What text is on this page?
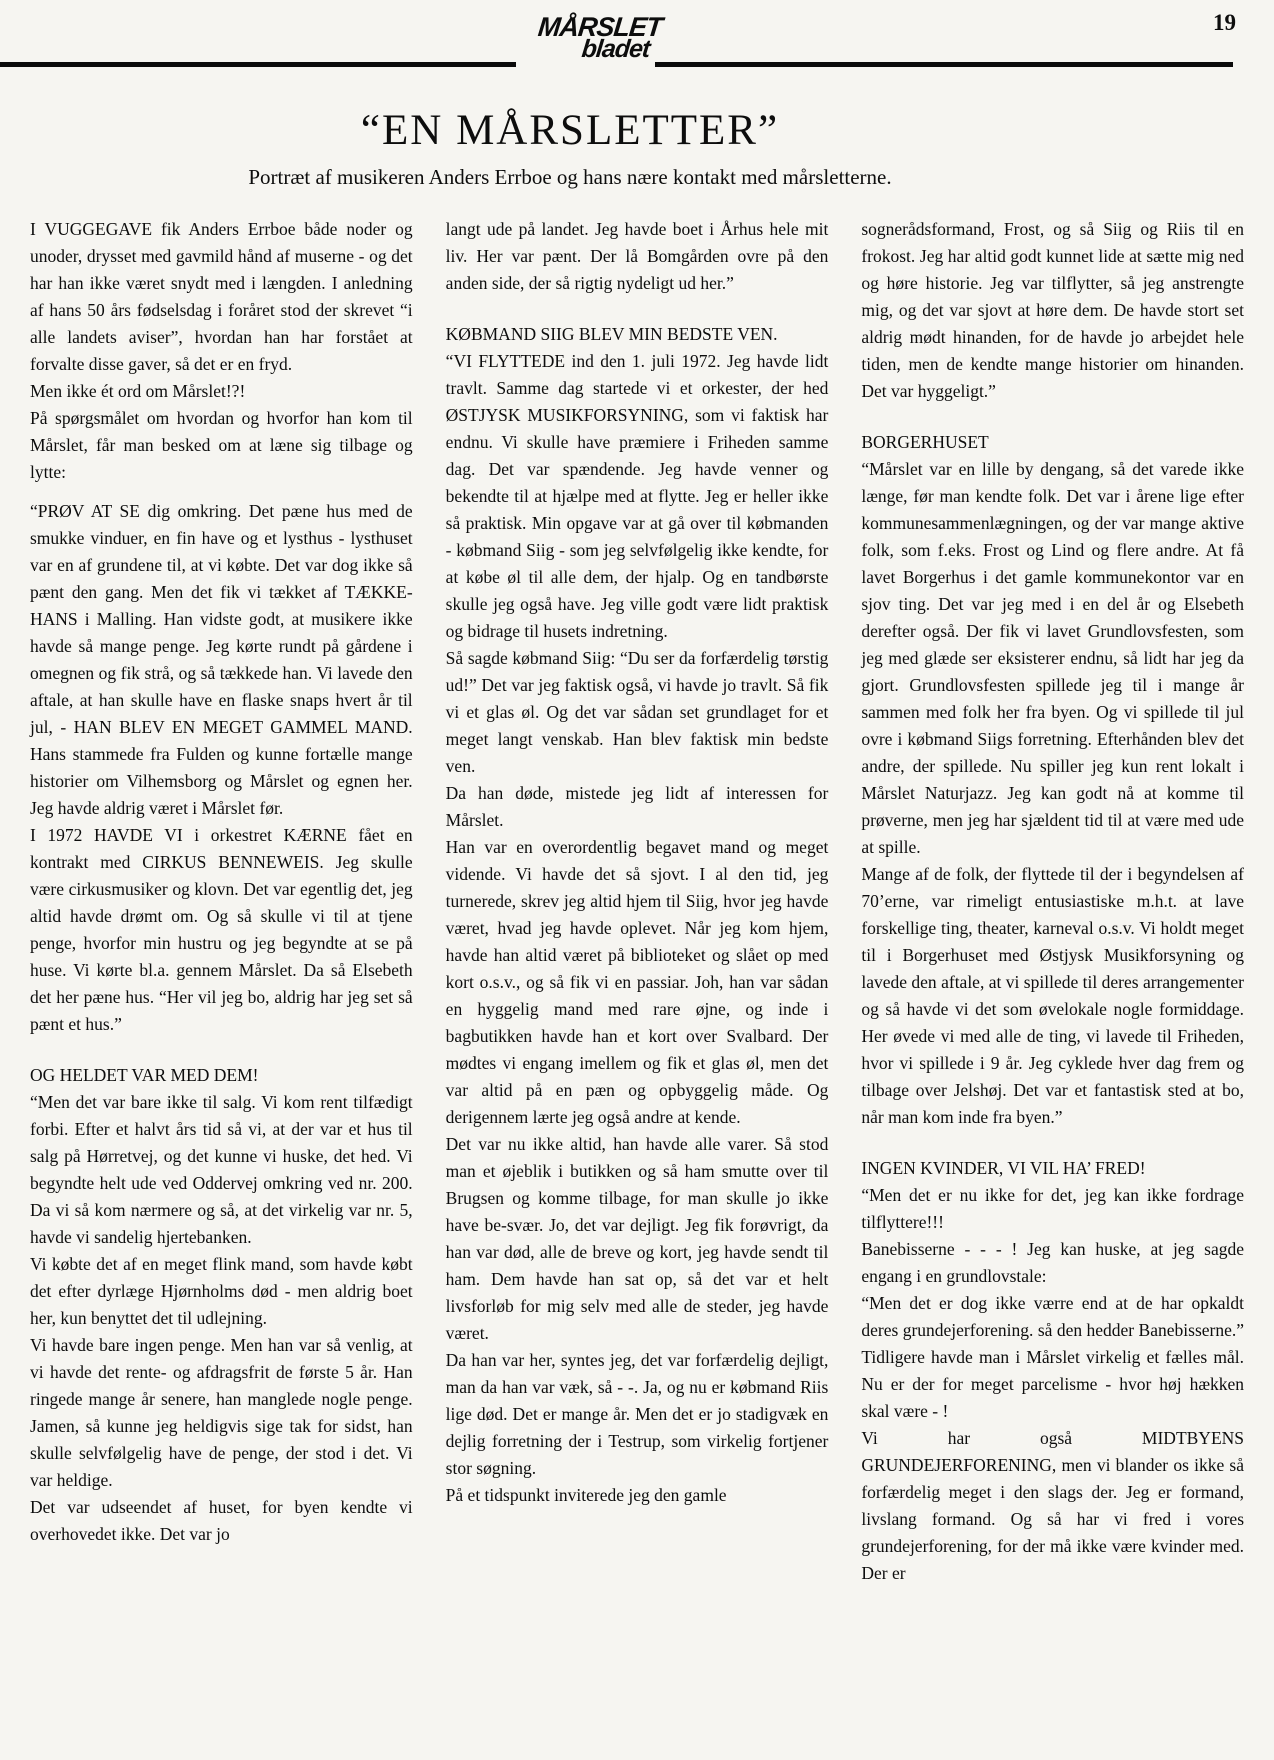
MÅRSLET
bladet
19
“EN MÅRSLETTER”

Portræt af musikeren Anders Errboe og hans nære kontakt med mårsletterne.

I VUGGEGAVE fik Anders Errboe både noder og unoder, drysset med gavmild hånd af muserne - og det har han ikke været snydt med i længden. I anledning af hans 50 års fødselsdag i foråret stod der skrevet “i alle landets aviser”, hvordan han har forstået at forvalte disse gaver, så det er en fryd.

Men ikke ét ord om Mårslet!?!

På spørgsmålet om hvordan og hvorfor han kom til Mårslet, får man besked om at læne sig tilbage og lytte:

“PRØV AT SE dig omkring. Det pæne hus med de smukke vinduer, en fin have og et lysthus - lysthuset var en af grundene til, at vi købte. Det var dog ikke så pænt den gang. Men det fik vi tækket af TÆKKE-HANS i Malling. Han vidste godt, at musikere ikke havde så mange penge. Jeg kørte rundt på gårdene i omegnen og fik strå, og så tækkede han. Vi lavede den aftale, at han skulle have en flaske snaps hvert år til jul, - HAN BLEV EN MEGET GAMMEL MAND. Hans stammede fra Fulden og kunne fortælle mange historier om Vilhemsborg og Mårslet og egnen her. Jeg havde aldrig været i Mårslet før.

I 1972 HAVDE VI i orkestret KÆRNE fået en kontrakt med CIRKUS BENNEWEIS. Jeg skulle være cirkusmusiker og klovn. Det var egentlig det, jeg altid havde drømt om. Og så skulle vi til at tjene penge, hvorfor min hustru og jeg begyndte at se på huse. Vi kørte bl.a. gennem Mårslet. Da så Elsebeth det her pæne hus. “Her vil jeg bo, aldrig har jeg set så pænt et hus.”

OG HELDET VAR MED DEM!

“Men det var bare ikke til salg. Vi kom rent tilfædigt forbi. Efter et halvt års tid så vi, at der var et hus til salg på Hørretvej, og det kunne vi huske, det hed. Vi begyndte helt ude ved Oddervej omkring ved nr. 200. Da vi så kom nærmere og så, at det virkelig var nr. 5, havde vi sandelig hjertebanken.

Vi købte det af en meget flink mand, som havde købt det efter dyrlæge Hjørnholms død - men aldrig boet her, kun benyttet det til udlejning.

Vi havde bare ingen penge. Men han var så venlig, at vi havde det rente- og afdragsfrit de første 5 år. Han ringede mange år senere, han manglede nogle penge. Jamen, så kunne jeg heldigvis sige tak for sidst, han skulle selvfølgelig have de penge, der stod i det. Vi var heldige.

Det var udseendet af huset, for byen kendte vi overhovedet ikke. Det var jo

langt ude på landet. Jeg havde boet i Århus hele mit liv. Her var pænt. Der lå Bomgården ovre på den anden side, der så rigtig nydeligt ud her.”

KØBMAND SIIG BLEV MIN BEDSTE VEN.

“VI FLYTTEDE ind den 1. juli 1972. Jeg havde lidt travlt. Samme dag startede vi et orkester, der hed ØSTJYSK MUSIKFORSYNING, som vi faktisk har endnu. Vi skulle have præmiere i Friheden samme dag. Det var spændende. Jeg havde venner og bekendte til at hjælpe med at flytte. Jeg er heller ikke så praktisk. Min opgave var at gå over til købmanden - købmand Siig - som jeg selvfølgelig ikke kendte, for at købe øl til alle dem, der hjalp. Og en tandbørste skulle jeg også have. Jeg ville godt være lidt praktisk og bidrage til husets indretning.

Så sagde købmand Siig: “Du ser da forfærdelig tørstig ud!” Det var jeg faktisk også, vi havde jo travlt. Så fik vi et glas øl. Og det var sådan set grundlaget for et meget langt venskab. Han blev faktisk min bedste ven.

Da han døde, mistede jeg lidt af interessen for Mårslet.

Han var en overordentlig begavet mand og meget vidende. Vi havde det så sjovt. I al den tid, jeg turnerede, skrev jeg altid hjem til Siig, hvor jeg havde været, hvad jeg havde oplevet. Når jeg kom hjem, havde han altid været på biblioteket og slået op med kort o.s.v., og så fik vi en passiar. Joh, han var sådan en hyggelig mand med rare øjne, og inde i bagbutikken havde han et kort over Svalbard. Der mødtes vi engang imellem og fik et glas øl, men det var altid på en pæn og opbyggelig måde. Og derigennem lærte jeg også andre at kende.

Det var nu ikke altid, han havde alle varer. Så stod man et øjeblik i butikken og så ham smutte over til Brugsen og komme tilbage, for man skulle jo ikke have be-svær. Jo, det var dejligt. Jeg fik forøvrigt, da han var død, alle de breve og kort, jeg havde sendt til ham. Dem havde han sat op, så det var et helt livsforløb for mig selv med alle de steder, jeg havde været.

Da han var her, syntes jeg, det var forfærdelig dejligt, man da han var væk, så - -. Ja, og nu er købmand Riis lige død. Det er mange år. Men det er jo stadigvæk en dejlig forretning der i Testrup, som virkelig fortjener stor søgning.

På et tidspunkt inviterede jeg den gamle

sognerådsformand, Frost, og så Siig og Riis til en frokost. Jeg har altid godt kunnet lide at sætte mig ned og høre historie. Jeg var tilflytter, så jeg anstrengte mig, og det var sjovt at høre dem. De havde stort set aldrig mødt hinanden, for de havde jo arbejdet hele tiden, men de kendte mange historier om hinanden. Det var hyggeligt.”

BORGERHUSET

“Mårslet var en lille by dengang, så det varede ikke længe, før man kendte folk. Det var i årene lige efter kommunesammenlægningen, og der var mange aktive folk, som f.eks. Frost og Lind og flere andre. At få lavet Borgerhus i det gamle kommunekontor var en sjov ting. Det var jeg med i en del år og Elsebeth derefter også. Der fik vi lavet Grundlovsfesten, som jeg med glæde ser eksisterer endnu, så lidt har jeg da gjort. Grundlovsfesten spillede jeg til i mange år sammen med folk her fra byen. Og vi spillede til jul ovre i købmand Siigs forretning. Efterhånden blev det andre, der spillede. Nu spiller jeg kun rent lokalt i Mårslet Naturjazz. Jeg kan godt nå at komme til prøverne, men jeg har sjældent tid til at være med ude at spille.

Mange af de folk, der flyttede til der i begyndelsen af 70’erne, var rimeligt entusiastiske m.h.t. at lave forskellige ting, theater, karneval o.s.v. Vi holdt meget til i Borgerhuset med Østjysk Musikforsyning og lavede den aftale, at vi spillede til deres arrangementer og så havde vi det som øvelokale nogle formiddage. Her øvede vi med alle de ting, vi lavede til Friheden, hvor vi spillede i 9 år. Jeg cyklede hver dag frem og tilbage over Jelshøj. Det var et fantastisk sted at bo, når man kom inde fra byen.”

INGEN KVINDER, VI VIL HA’ FRED!

“Men det er nu ikke for det, jeg kan ikke fordrage tilflyttere!!!

Banebisserne - - - ! Jeg kan huske, at jeg sagde engang i en grundlovstale:

“Men det er dog ikke værre end at de har opkaldt deres grundejerforening. så den hedder Banebisserne.” Tidligere havde man i Mårslet virkelig et fælles mål. Nu er der for meget parcelisme - hvor høj hækken skal være - !

Vi har også MIDTBYENS GRUNDEJERFORENING, men vi blander os ikke så forfærdelig meget i den slags der. Jeg er formand, livslang formand. Og så har vi fred i vores grundejerforening, for der må ikke være kvinder med. Der er
